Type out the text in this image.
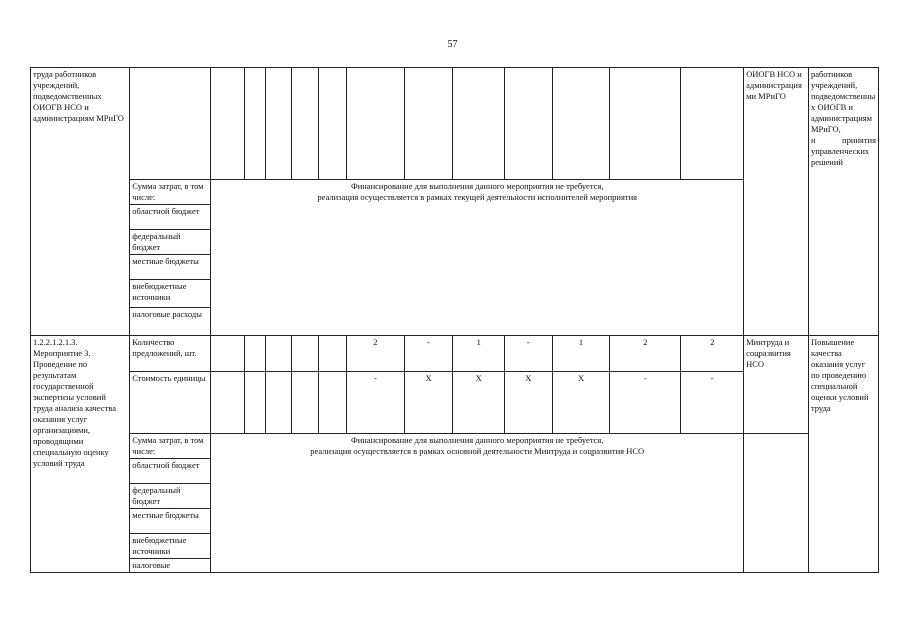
57
труда работников учреждений, подведомственных ОИОГВ НСО и администрациям МРиГО														ОИОГВ НСО и администрациями МРиГО	работников учреждений, подведомственных ОИОГВ и администрациям МРиГО,
и принятия
управленческих решений

	Сумма затрат, в том числе:	Финансирование для выполнения данного мероприятия не требуется,
реализация осуществляется в рамках текущей деятельности исполнителей мероприятия													

	областной бюджет														
	федеральный бюджет														
	местные бюджеты														
	внебюджетные источники														
	налоговые расходы														
1.2.2.1.2.1.3. Мероприятие 3. Проведение по результатам государственной экспертизы условий труда анализа качества оказания услуг организациями, проводящими специальную оценку условий труда	Количество предложений, шт.						2	-	1	-	1	2	2	Минтруда и соцразвития НСО	Повышение качества оказания услуг по проведению специальной оценки условий труда
	Стоимость единицы						-	X	X	X	X	-	-		
	Сумма затрат, в том числе:	Финансирование для выполнения данного мероприятия не требуется,
реализация осуществляется в рамках основной деятельности Минтруда и соцразвития НСО													

	областной бюджет														
	федеральный бюджет														
	местные бюджеты														
	внебюджетные источники														
	налоговые														
